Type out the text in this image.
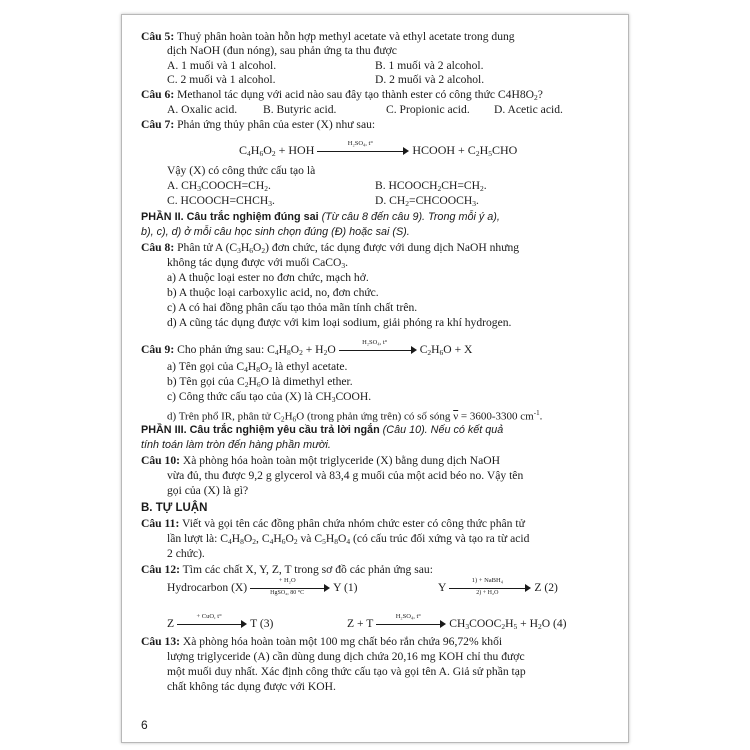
Câu 5: Thuỷ phân hoàn toàn hỗn hợp methyl acetate và ethyl acetate trong dung
dịch NaOH (đun nóng), sau phản ứng ta thu được
A. 1 muối và 1 alcohol.	B. 1 muối và 2 alcohol.
C. 2 muối và 1 alcohol.	D. 2 muối và 2 alcohol.
Câu 6: Methanol tác dụng với acid nào sau đây tạo thành ester có công thức $C4H8O_2$?
A. Oxalic acid. B. Butyric acid.	C. Propionic acid. D. Acetic acid.
Câu 7: Phản ứng thủy phân của ester (X) như sau:
$C_4H_6O_2$ + HOH	H₂SO₄, t°	HCOOH + $C_2H_5CHO$
Vậy (X) có công thức cấu tạo là
A. $CH_3COOCH=CH_2$.	B. $HCOOCH_2CH=CH_2$.
C. $HCOOCH=CHCH_3$.	D. $CH_2=CHCOOCH_3$.
PHẦN II. Câu trắc nghiệm đúng sai (Từ câu 8 đến câu 9). Trong mỗi ý a),
b), c), d) ở mỗi câu học sinh chọn đúng (Đ) hoặc sai (S).
Câu 8: Phân tử A $(C_3H_6O_2)$ đơn chức, tác dụng được với dung dịch NaOH nhưng
không tác dụng được với muối CaCO$_3$.
a) A thuộc loại ester no đơn chức, mạch hở.
b) A thuộc loại carboxylic acid, no, đơn chức.
c) A có hai đồng phân cấu tạo thỏa mãn tính chất trên.
d) A cũng tác dụng được với kim loại sodium, giải phóng ra khí hydrogen.
Câu 9: Cho phản ứng sau: $C_4H_8O_2 + H_2O$
H₂SO₄, t°
$C_2H_6O + X$
a) Tên gọi của $C_4H_8O_2$ là ethyl acetate.
b) Tên gọi của $C_2H_6O$ là dimethyl ether.
c) Công thức cấu tạo của (X) là $CH_3COOH$.
d) Trên phổ IR, phân tử $C_2H_6O$ (trong phản ứng trên) có số sóng $\overline{\nu} = 3600-3300$ $cm^{-1}$.
PHẦN III. Câu trắc nghiệm yêu cầu trả lời ngắn (Câu 10). Nếu có kết quả
tính toán làm tròn đến hàng phần mười.
Câu 10: Xà phòng hóa hoàn toàn một triglyceride (X) bằng dung dịch NaOH
vừa đủ, thu được 9,2 g glycerol và 83,4 g muối của một acid béo no. Vậy tên
gọi của (X) là gì?
B. TỰ LUẬN
Câu 11: Viết và gọi tên các đồng phân chứa nhóm chức ester có công thức phân tử
lần lượt là: $C_4H_8O_2$, $C_4H_6O_2$ và $C_5H_8O_4$ (có cấu trúc đối xứng và tạo ra từ acid
2 chức).
Câu 12: Tìm các chất X, Y, Z, T trong sơ đồ các phản ứng sau:
Hydrocarbon (X)
+ H₂O
HgSO₄, 80 °C	Y (1)	Y
1) + NaBH₄
2) + H₂O	Z (2)
Z
+ CuO, t°
T (3)	Z + T
H₂SO₄, t°
$CH_3COOC_2H_5 + H_2O$ (4)
Câu 13: Xà phòng hóa hoàn toàn một 100 mg chất béo rắn chứa 96,72% khối
lượng triglyceride (A) cần dùng dung dịch chứa 20,16 mg KOH chỉ thu được
một muối duy nhất. Xác định công thức cấu tạo và gọi tên A. Giả sử phần tạp
chất không tác dụng được với KOH.
6
